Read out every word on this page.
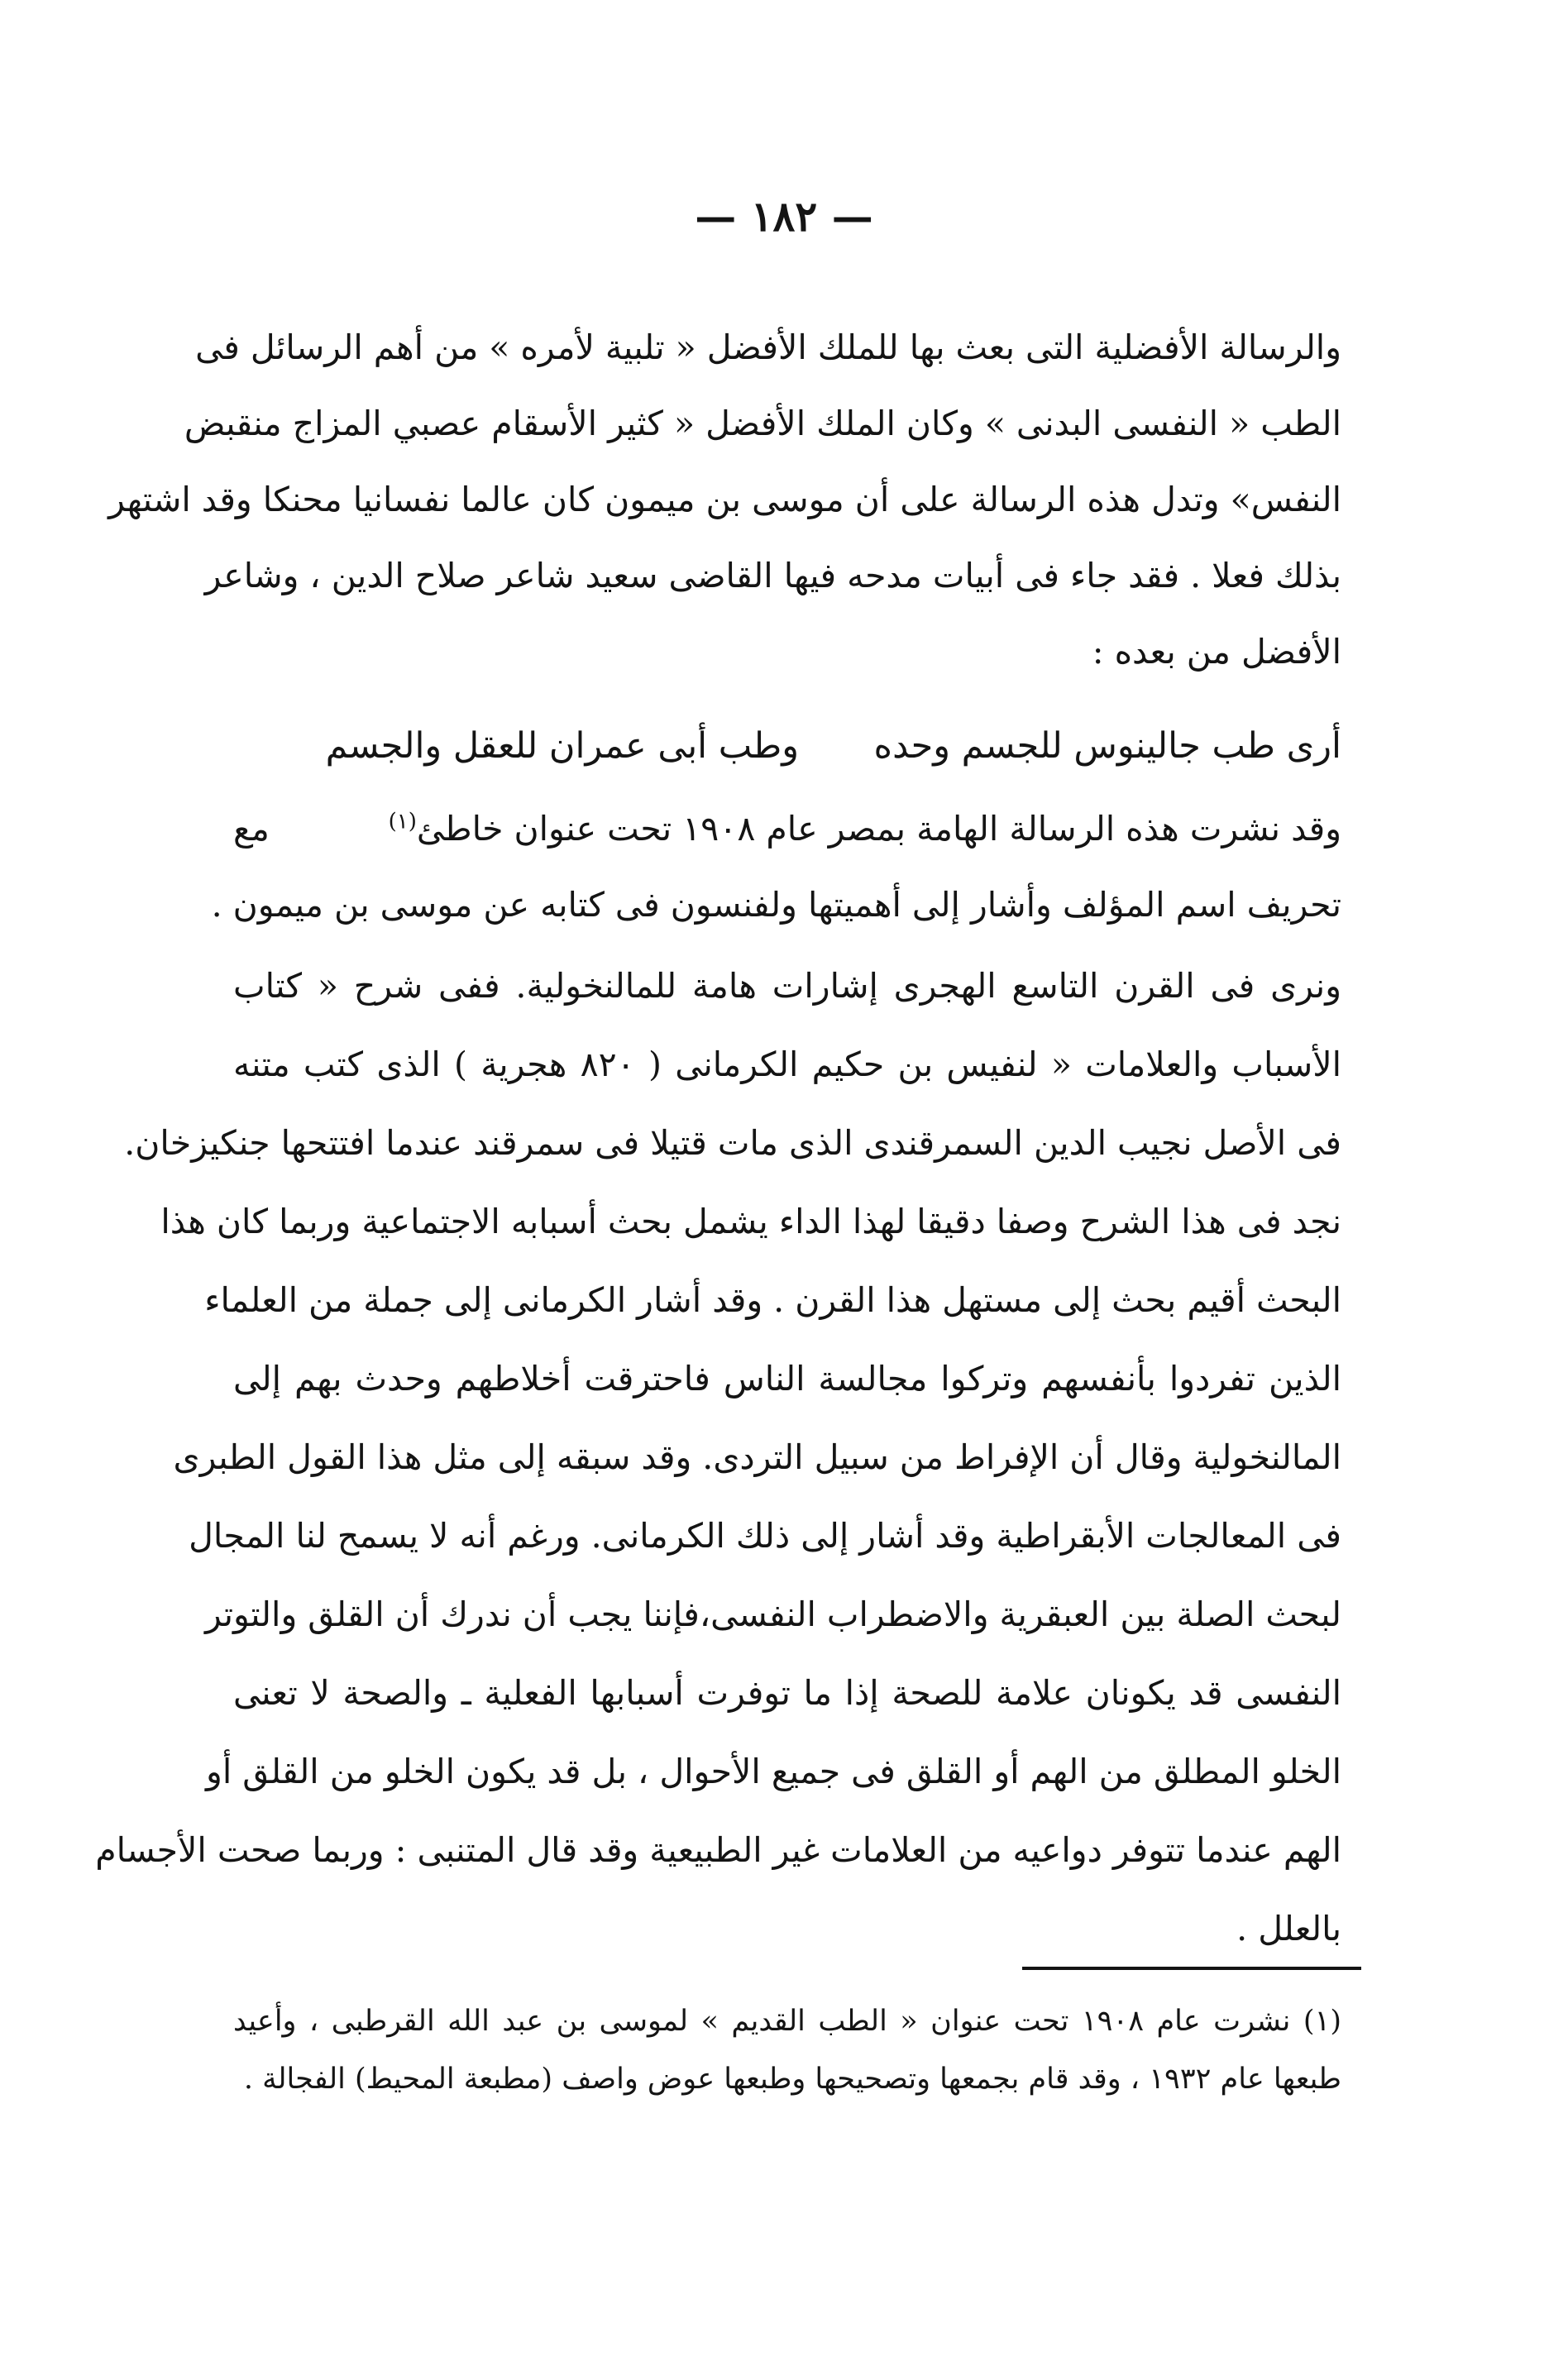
— ١٨٢ —
والرسالة الأفضلية التى بعث بها للملك الأفضل « تلبية لأمره » من أهم الرسائل فى
الطب « النفسى البدنى » وكان الملك الأفضل « كثير الأسقام عصبي المزاج منقبض
النفس» وتدل هذه الرسالة على أن موسى بن ميمون كان عالما نفسانيا محنكا وقد اشتهر
بذلك فعلا . فقد جاء فى أبيات مدحه فيها القاضى سعيد شاعر صلاح الدين ، وشاعر
الأفضل من بعده :
أرى طب جالينوس للجسم وحده
وطب أبى عمران للعقل والجسم
وقد نشرت هذه الرسالة الهامة بمصر عام ١٩٠٨ تحت عنوان خاطئ$^{(١)}$
مع
تحريف اسم المؤلف وأشار إلى أهميتها ولفنسون فى كتابه عن موسى بن ميمون .
ونرى فى القرن التاسع الهجرى إشارات هامة للمالنخولية. ففى شرح « كتاب
الأسباب والعلامات « لنفيس بن حكيم الكرمانى ( ٨٢٠ هجرية ) الذى كتب متنه
فى الأصل نجيب الدين السمرقندى الذى مات قتيلا فى سمرقند عندما افتتحها جنكيزخان.
نجد فى هذا الشرح وصفا دقيقا لهذا الداء يشمل بحث أسبابه الاجتماعية وربما كان هذا
البحث أقيم بحث إلى مستهل هذا القرن . وقد أشار الكرمانى إلى جملة من العلماء
الذين تفردوا بأنفسهم وتركوا مجالسة الناس فاحترقت أخلاطهم وحدث بهم إلى
المالنخولية وقال أن الإفراط من سبيل التردى. وقد سبقه إلى مثل هذا القول الطبرى
فى المعالجات الأبقراطية وقد أشار إلى ذلك الكرمانى. ورغم أنه لا يسمح لنا المجال
لبحث الصلة بين العبقرية والاضطراب النفسى،فإننا يجب أن ندرك أن القلق والتوتر
النفسى قد يكونان علامة للصحة إذا ما توفرت أسبابها الفعلية ـ والصحة لا تعنى
الخلو المطلق من الهم أو القلق فى جميع الأحوال ، بل قد يكون الخلو من القلق أو
الهم عندما تتوفر دواعيه من العلامات غير الطبيعية وقد قال المتنبى : وربما صحت الأجسام
بالعلل .
(١) نشرت عام ١٩٠٨ تحت عنوان « الطب القديم » لموسى بن عبد الله القرطبى ، وأعيد
طبعها عام ١٩٣٢ ، وقد قام بجمعها وتصحيحها وطبعها عوض واصف (مطبعة المحيط) الفجالة .
